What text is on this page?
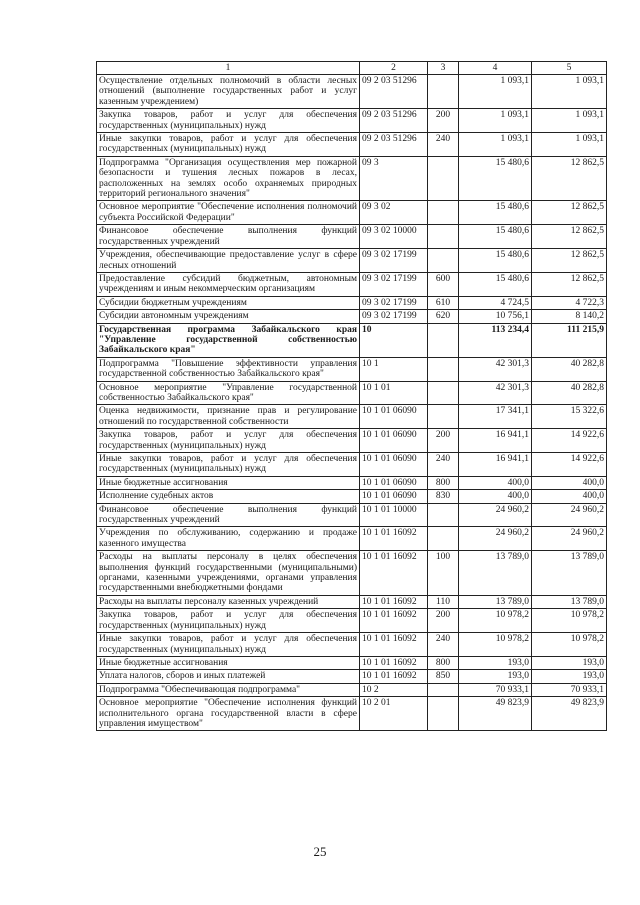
1	2	3	4	5
Осуществление отдельных полномочий в области лесных отношений (выполнение государственных работ и услуг казенным учреждением)	09 2 03 51296		1 093,1	1 093,1
Закупка товаров, работ и услуг для обеспечения государственных (муниципальных) нужд	09 2 03 51296	200	1 093,1	1 093,1
Иные закупки товаров, работ и услуг для обеспечения государственных (муниципальных) нужд	09 2 03 51296	240	1 093,1	1 093,1
Подпрограмма "Организация осуществления мер пожарной безопасности и тушения лесных пожаров в лесах, расположенных на землях особо охраняемых природных территорий регионального значения"	09 3		15 480,6	12 862,5
Основное мероприятие "Обеспечение исполнения полномочий субъекта Российской Федерации"	09 3 02		15 480,6	12 862,5
Финансовое обеспечение выполнения функций государственных учреждений	09 3 02 10000		15 480,6	12 862,5
Учреждения, обеспечивающие предоставление услуг в сфере лесных отношений	09 3 02 17199		15 480,6	12 862,5
Предоставление субсидий бюджетным, автономным учреждениям и иным некоммерческим организациям	09 3 02 17199	600	15 480,6	12 862,5
Субсидии бюджетным учреждениям	09 3 02 17199	610	4 724,5	4 722,3
Субсидии автономным учреждениям	09 3 02 17199	620	10 756,1	8 140,2
Государственная программа Забайкальского края "Управление государственной собственностью Забайкальского края"	10		113 234,4	111 215,9
Подпрограмма "Повышение эффективности управления государственной собственностью Забайкальского края"	10 1		42 301,3	40 282,8
Основное мероприятие "Управление государственной собственностью Забайкальского края"	10 1 01		42 301,3	40 282,8
Оценка недвижимости, признание прав и регулирование отношений по государственной собственности	10 1 01 06090		17 341,1	15 322,6
Закупка товаров, работ и услуг для обеспечения государственных (муниципальных) нужд	10 1 01 06090	200	16 941,1	14 922,6
Иные закупки товаров, работ и услуг для обеспечения государственных (муниципальных) нужд	10 1 01 06090	240	16 941,1	14 922,6
Иные бюджетные ассигнования	10 1 01 06090	800	400,0	400,0
Исполнение судебных актов	10 1 01 06090	830	400,0	400,0
Финансовое обеспечение выполнения функций государственных учреждений	10 1 01 10000		24 960,2	24 960,2
Учреждения по обслуживанию, содержанию и продаже казенного имущества	10 1 01 16092		24 960,2	24 960,2
Расходы на выплаты персоналу в целях обеспечения выполнения функций государственными (муниципальными) органами, казенными учреждениями, органами управления государственными внебюджетными фондами	10 1 01 16092	100	13 789,0	13 789,0
Расходы на выплаты персоналу казенных учреждений	10 1 01 16092	110	13 789,0	13 789,0
Закупка товаров, работ и услуг для обеспечения государственных (муниципальных) нужд	10 1 01 16092	200	10 978,2	10 978,2
Иные закупки товаров, работ и услуг для обеспечения государственных (муниципальных) нужд	10 1 01 16092	240	10 978,2	10 978,2
Иные бюджетные ассигнования	10 1 01 16092	800	193,0	193,0
Уплата налогов, сборов и иных платежей	10 1 01 16092	850	193,0	193,0
Подпрограмма "Обеспечивающая подпрограмма"	10 2		70 933,1	70 933,1
Основное мероприятие "Обеспечение исполнения функций исполнительного органа государственной власти в сфере управления имуществом"	10 2 01		49 823,9	49 823,9
25
